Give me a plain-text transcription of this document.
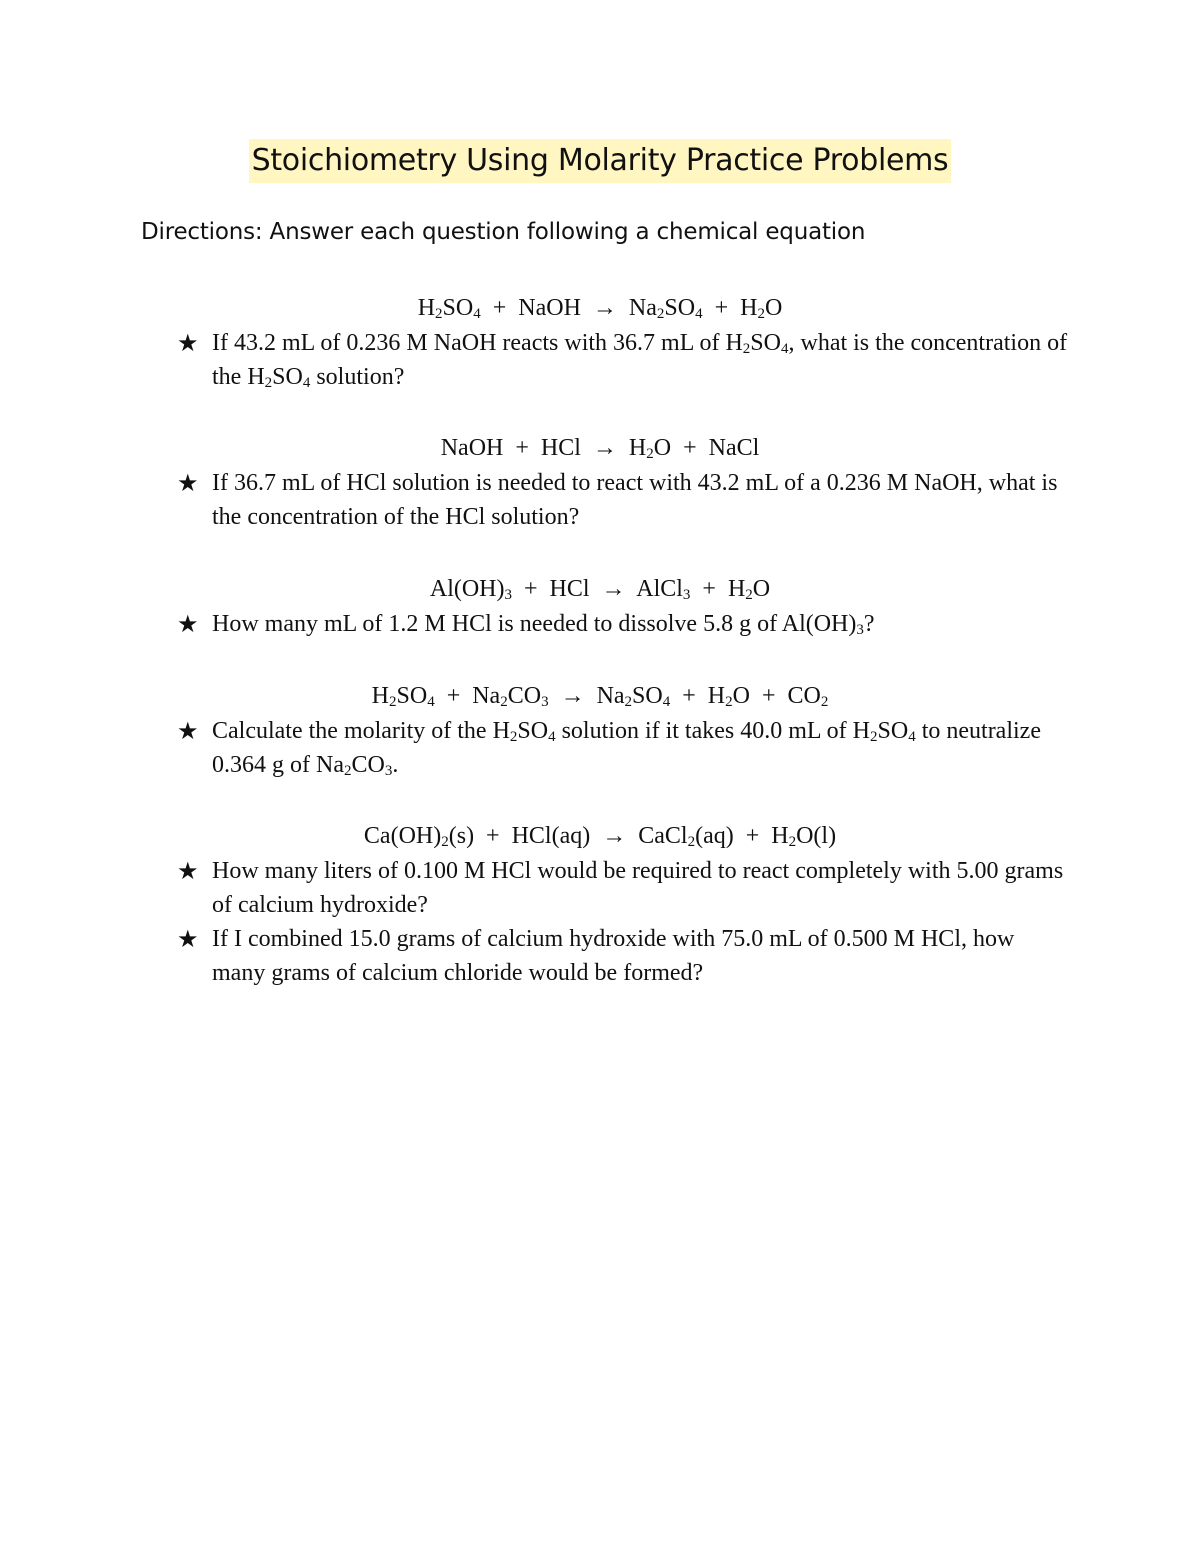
Stoichiometry Using Molarity Practice Problems
Directions: Answer each question following a chemical equation
$H_2SO_4$  +  NaOH  →  $Na_2SO_4 + H_2O$
★ If 43.2 mL of 0.236 M NaOH reacts with 36.7 mL of $H_2SO_4$, what is the concentration of the $H_2SO_4$ solution?
NaOH  +  HCl  →  $H_2O$  +  NaCl
★ If 36.7 mL of HCl solution is needed to react with 43.2 mL of a 0.236 M NaOH, what is the concentration of the HCl solution?
$Al(OH)_3$  +  HCl  →  AlCl$_3$  +  $H_2O$
★ How many mL of 1.2 M HCl is needed to dissolve 5.8 g of $Al(OH)_3$?
$H_2SO_4 + Na_2CO_3 \to Na_2SO_4 + H_2O + CO_2$
★ Calculate the molarity of the $H_2SO_4$ solution if it takes 40.0 mL of $H_2SO_4$ to neutralize 0.364 g of $Na_2CO_3$.
$Ca(OH)_2(s) + HCl(aq)$  →  CaCl$_2$(aq)  +  $H_2O(l)$
★ How many liters of 0.100 M HCl would be required to react completely with 5.00 grams of calcium hydroxide?
★ If I combined 15.0 grams of calcium hydroxide with 75.0 mL of 0.500 M HCl, how many grams of calcium chloride would be formed?
